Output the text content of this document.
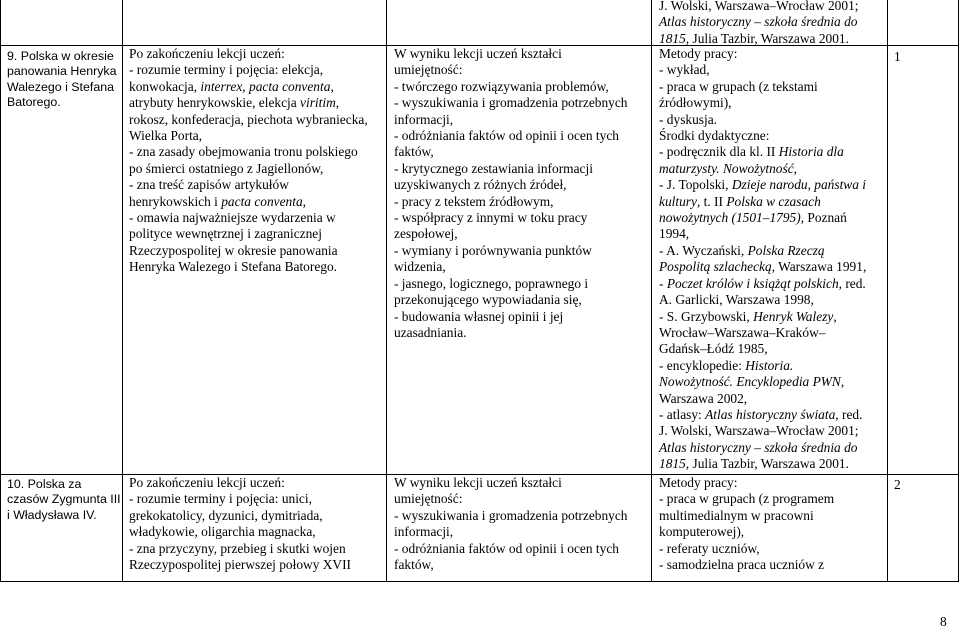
J. Wolski, Warszawa–Wrocław 2001;
Atlas historyczny – szkoła średnia do
1815, Julia Tazbir, Warszawa 2001.
9. Polska w okresie
panowania Henryka
Walezego i Stefana
Batorego.
Po zakończeniu lekcji uczeń:
- rozumie terminy i pojęcia: elekcja,
konwokacja, interrex, pacta conventa,
atrybuty henrykowskie, elekcja viritim,
rokosz, konfederacja, piechota wybraniecka,
Wielka Porta,
- zna zasady obejmowania tronu polskiego
po śmierci ostatniego z Jagiellonów,
- zna treść zapisów artykułów
henrykowskich i pacta conventa,
- omawia najważniejsze wydarzenia w
polityce wewnętrznej i zagranicznej
Rzeczypospolitej w okresie panowania
Henryka Walezego i Stefana Batorego.
W wyniku lekcji uczeń kształci
umiejętność:
- twórczego rozwiązywania problemów,
- wyszukiwania i gromadzenia potrzebnych
informacji,
- odróżniania faktów od opinii i ocen tych
faktów,
- krytycznego zestawiania informacji
uzyskiwanych z różnych źródeł,
- pracy z tekstem źródłowym,
- współpracy z innymi w toku pracy
zespołowej,
- wymiany i porównywania punktów
widzenia,
- jasnego, logicznego, poprawnego i
przekonującego wypowiadania się,
- budowania własnej opinii i jej
uzasadniania.
Metody pracy:
- wykład,
- praca w grupach (z tekstami
źródłowymi),
- dyskusja.
Środki dydaktyczne:
- podręcznik dla kl. II Historia dla
maturzysty. Nowożytność,
- J. Topolski, Dzieje narodu, państwa i
kultury, t. II Polska w czasach
nowożytnych (1501–1795), Poznań
1994,
- A. Wyczański, Polska Rzeczą
Pospolitą szlachecką, Warszawa 1991,
- Poczet królów i książąt polskich, red.
A. Garlicki, Warszawa 1998,
- S. Grzybowski, Henryk Walezy,
Wrocław–Warszawa–Kraków–
Gdańsk–Łódź 1985,
- encyklopedie: Historia.
Nowożytność. Encyklopedia PWN,
Warszawa 2002,
- atlasy: Atlas historyczny świata, red.
J. Wolski, Warszawa–Wrocław 2001;
Atlas historyczny – szkoła średnia do
1815, Julia Tazbir, Warszawa 2001.
1
10. Polska za
czasów Zygmunta III
i Władysława IV.
Po zakończeniu lekcji uczeń:
- rozumie terminy i pojęcia: unici,
grekokatolicy, dyzunici, dymitriada,
władykowie, oligarchia magnacka,
- zna przyczyny, przebieg i skutki wojen
Rzeczypospolitej pierwszej połowy XVII
W wyniku lekcji uczeń kształci
umiejętność:
- wyszukiwania i gromadzenia potrzebnych
informacji,
- odróżniania faktów od opinii i ocen tych
faktów,
Metody pracy:
- praca w grupach (z programem
multimedialnym w pracowni
komputerowej),
- referaty uczniów,
- samodzielna praca uczniów z
2
8
